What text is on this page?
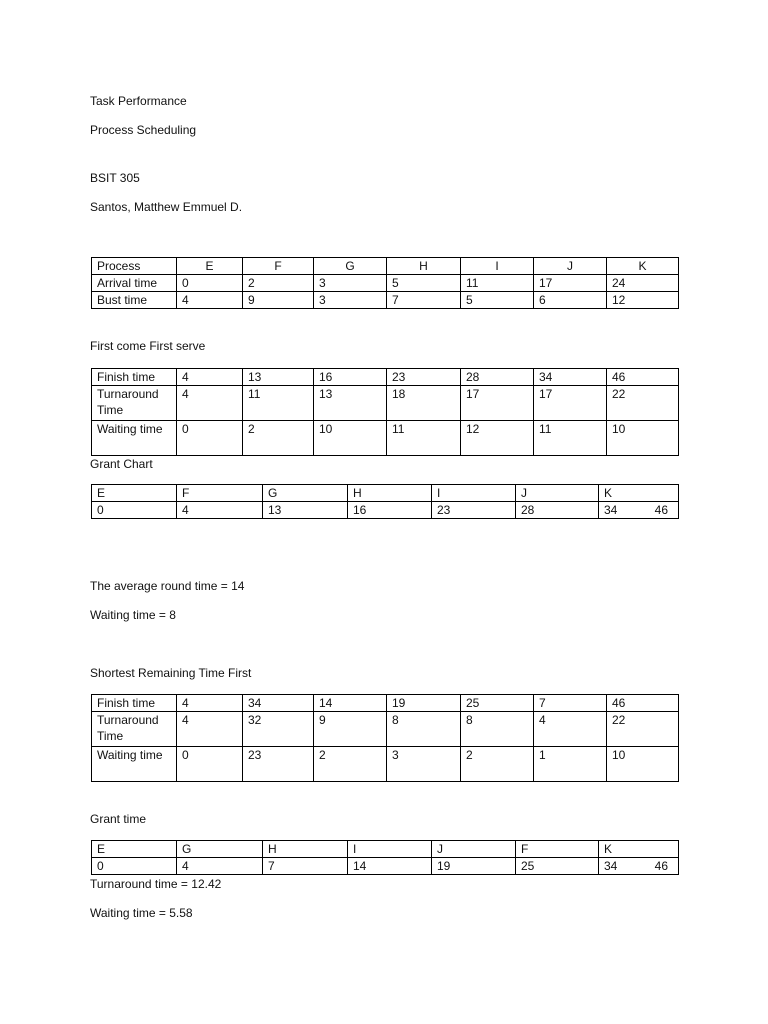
Task Performance
Process Scheduling
BSIT 305
Santos, Matthew Emmuel D.
Process	E	F	G	H	I	J	K
Arrival time	0	2	3	5	11	17	24
Bust time	4	9	3	7	5	6	12
First come First serve
Finish time	4	13	16	23	28	34	46
Turnaround Time	4	11	13	18	17	17	22
Waiting time	0	2	10	11	12	11	10
Grant Chart
E	F	G	H	I	J	K
0	4	13	16	23	28	34 46
The average round time = 14
Waiting time = 8
Shortest Remaining Time First
Finish time	4	34	14	19	25	7	46
Turnaround Time	4	32	9	8	8	4	22
Waiting time	0	23	2	3	2	1	10
Grant time
E	G	H	I	J	F	K
0	4	7	14	19	25	34 46
Turnaround time = 12.42
Waiting time = 5.58
